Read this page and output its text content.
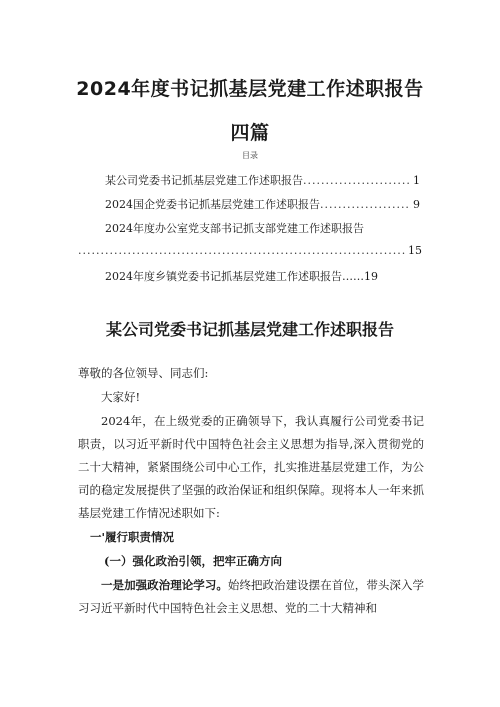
2024年度书记抓基层党建工作述职报告
四篇
目录
某公司党委书记抓基层党建工作述职报告 .....	1
2024国企党委书记抓基层党建工作述职报告 .....	9
2024年度办公室党支部书记抓支部党建工作述职报告
.....
15
2024年度乡镇党委书记抓基层党建工作述职报告……19
某公司党委书记抓基层党建工作述职报告

尊敬的各位领导、同志们:

大家好!

2024年，在上级党委的正确领导下，我认真履行公司党委书记职责，以习近平新时代中国特色社会主义思想为指导,深入贯彻党的二十大精神，紧紧围绕公司中心工作，扎实推进基层党建工作，为公司的稳定发展提供了坚强的政治保证和组织保障。现将本人一年来抓基层党建工作情况述职如下:

一'履行职责情况

(一）强化政治引领，把牢正确方向

一是加强政治理论学习。始终把政治建设摆在首位，带头深入学习习近平新时代中国特色社会主义思想、党的二十大精神和
